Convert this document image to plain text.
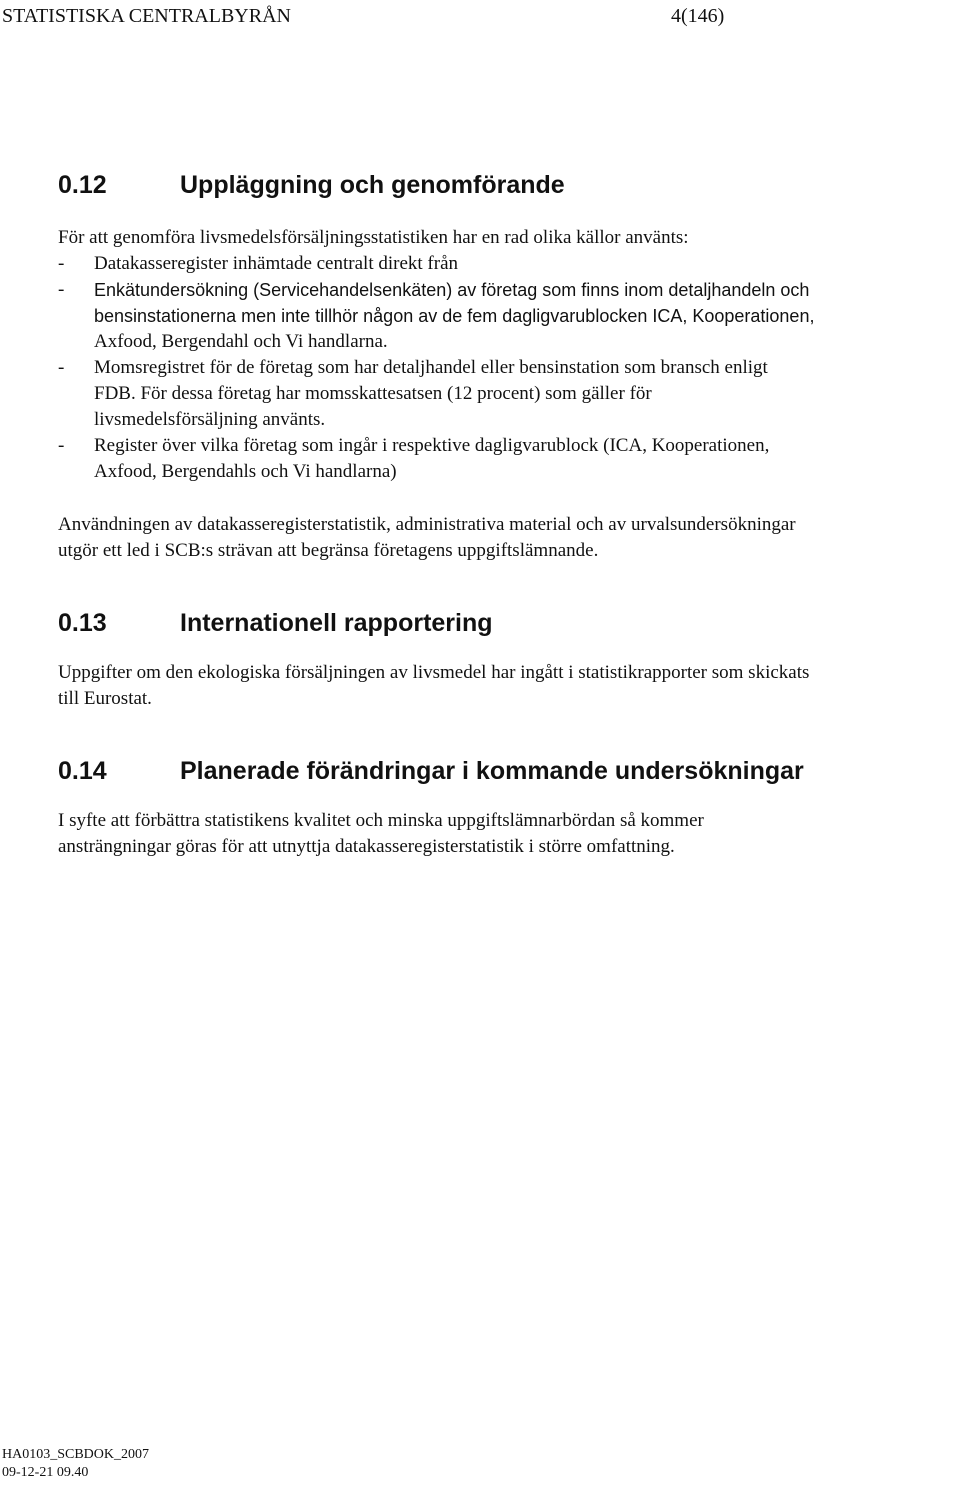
STATISTISKA CENTRALBYRÅN	4(146)
0.12	Uppläggning och genomförande

För att genomföra livsmedelsförsäljningsstatistiken har en rad olika källor använts:

- Datakasseregister inhämtade centralt direkt från
- Enkätundersökning (Servicehandelsenkäten) av företag som finns inom detaljhandeln och
bensinstationerna men inte tillhör någon av de fem dagligvarublocken ICA, Kooperationen,
Axfood, Bergendahl och Vi handlarna.
- Momsregistret för de företag som har detaljhandel eller bensinstation som bransch enligt
FDB. För dessa företag har momsskattesatsen (12 procent) som gäller för
livsmedelsförsäljning använts.
- Register över vilka företag som ingår i respektive dagligvarublock (ICA, Kooperationen,
Axfood, Bergendahls och Vi handlarna)

Användningen av datakasseregisterstatistik, administrativa material och av urvalsundersökningar

utgör ett led i SCB:s strävan att begränsa företagens uppgiftslämnande.

0.13	Internationell rapportering

Uppgifter om den ekologiska försäljningen av livsmedel har ingått i statistikrapporter som skickats

till Eurostat.

0.14	Planerade förändringar i kommande undersökningar

I syfte att förbättra statistikens kvalitet och minska uppgiftslämnarbördan så kommer

ansträngningar göras för att utnyttja datakasseregisterstatistik i större omfattning.

HA0103_SCBDOK_2007
09-12-21 09.40
